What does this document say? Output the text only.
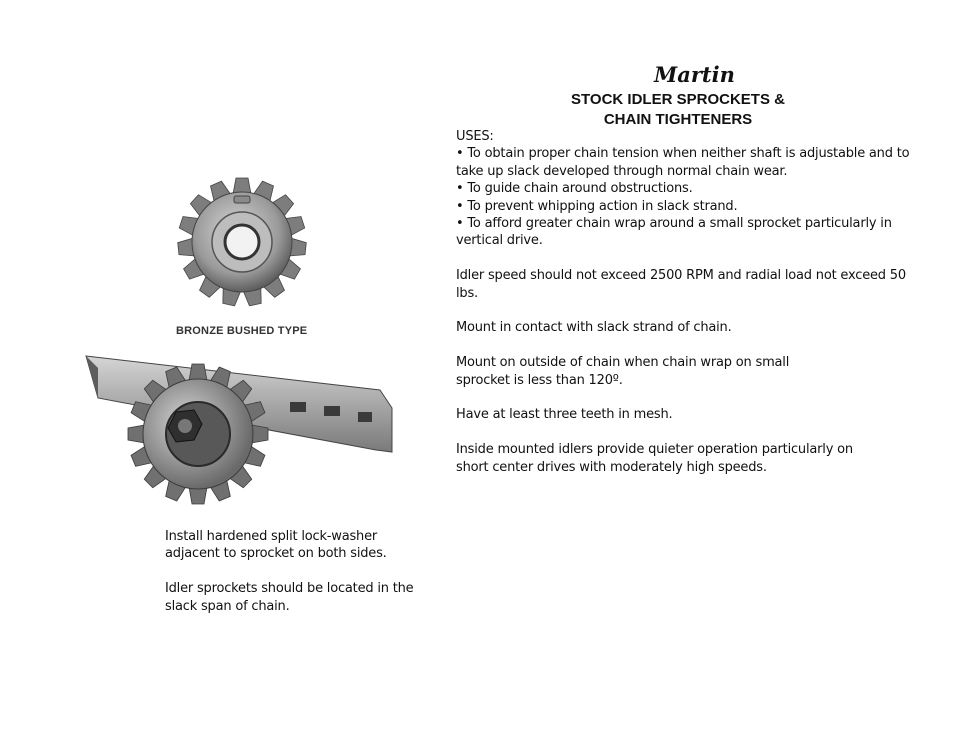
Martin
STOCK IDLER SPROCKETS &
CHAIN TIGHTENERS

USES:

• To obtain proper chain tension when neither shaft is adjustable and to take up slack developed through normal chain wear.

• To guide chain around obstructions.

• To prevent whipping action in slack strand.

• To afford greater chain wrap around a small sprocket particularly in vertical drive.

Idler speed should not exceed 2500 RPM and radial load not exceed 50 lbs.

Mount in contact with slack strand of chain.

Mount on outside of chain when chain wrap on small sprocket is less than 120º.

Have at least three teeth in mesh.

Inside mounted idlers provide quieter operation particularly on short center drives with moderately high speeds.

BRONZE BUSHED TYPE

Install hardened split lock-washer adjacent to sprocket on both sides.

Idler sprockets should be located in the slack span of chain.
